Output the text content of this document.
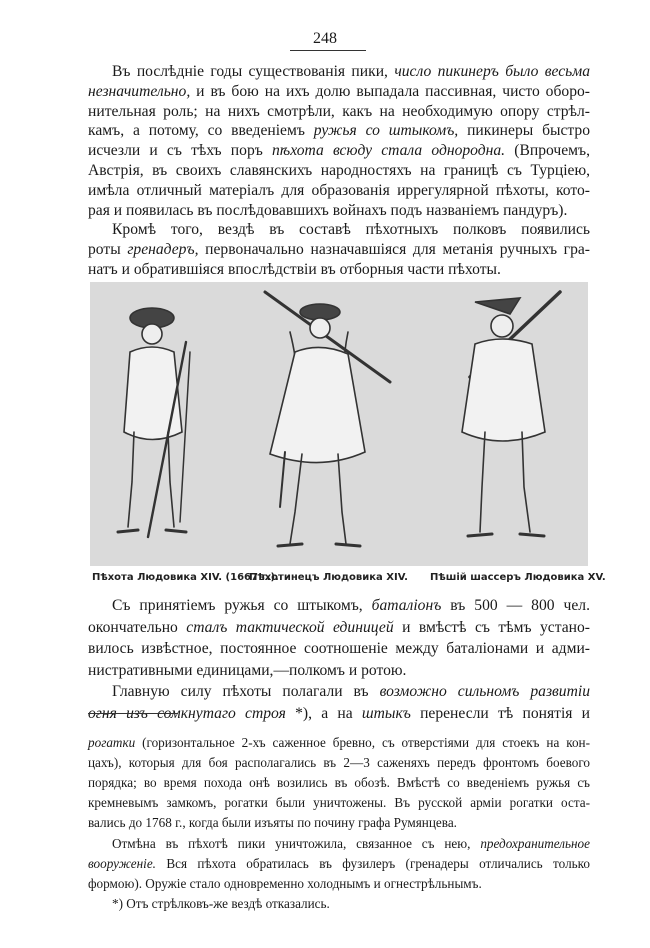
248
Въ послѣдніе годы существованія пики, число пикинеръ было весьма
незначительно, и въ бою на ихъ долю выпадала пассивная, чисто оборо-
нительная роль; на нихъ смотрѣли, какъ на необходимую опору стрѣл-
камъ, а потому, со введеніемъ ружья со штыкомъ, пикинеры быстро
исчезли и съ тѣхъ поръ пѣхота всюду стала однородна. (Впрочемъ,
Австрія, въ своихъ славянскихъ народностяхъ на границѣ съ Турціею,
имѣла отличный матеріалъ для образованія иррегулярной пѣхоты, кото-
рая и появилась въ послѣдовавшихъ войнахъ подъ названіемъ пандуръ).
Кромѣ того, вездѣ въ составѣ пѣхотныхъ полковъ появились
роты гренадеръ, первоначально назначавшіяся для метанія ручныхъ гра-
натъ и обратившіяся впослѣдствіи въ отборныя части пѣхоты.
Пѣхота Людовика XIV. (1667 г.).
Пѣхотинецъ Людовика XIV. Пѣшій шассеръ Людовика XV.
Съ принятіемъ ружья со штыкомъ, баталіонъ въ 500 — 800 чел.
окончательно сталъ тактической единицей и вмѣстѣ съ тѣмъ устано-
вилось извѣстное, постоянное соотношеніе между баталіонами и адми-
нистративными единицами,—полкомъ и ротою.
Главную силу пѣхоты полагали въ возможно сильномъ развитіи
огня изъ сомкнутаго строя *), а на штыкъ перенесли тѣ понятія и
рогатки (горизонтальное 2-хъ саженное бревно, съ отверстіями для стоекъ на кон-
цахъ), которыя для боя располагались въ 2—3 саженяхъ передъ фронтомъ боевого
порядка; во время похода онѣ возились въ обозѣ. Вмѣстѣ со введеніемъ ружья съ
кремневымъ замкомъ, рогатки были уничтожены. Въ русской арміи рогатки оста-
вались до 1768 г., когда были изъяты по почину графа Румянцева.
Отмѣна въ пѣхотѣ пики уничтожила, связанное съ нею, предохранительное
вооруженіе. Вся пѣхота обратилась въ фузилеръ (гренадеры отличались только
формою). Оружіе стало одновременно холоднымъ и огнестрѣльнымъ.
*) Отъ стрѣлковъ-же вездѣ отказались.
